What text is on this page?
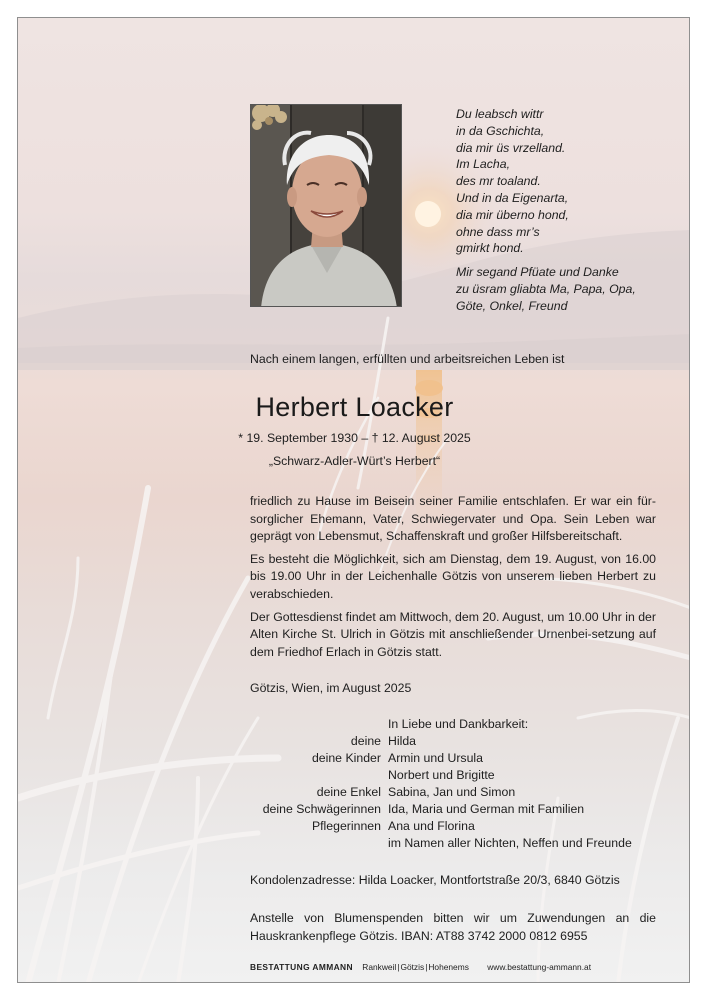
Du leabsch wittr
in da Gschichta,
dia mir üs vrzelland.
Im Lacha,
des mr toaland.
Und in da Eigenarta,
dia mir überno hond,
ohne dass mr’s
gmirkt hond.
Mir segand Pfüate und Danke
zu üsram gliabta Ma, Papa, Opa,
Göte, Onkel, Freund
Nach einem langen, erfüllten und arbeitsreichen Leben ist
Herbert Loacker
* 19. September 1930 – † 12. August 2025
„Schwarz-Adler-Würt’s Herbert“

friedlich zu Hause im Beisein seiner Familie entschlafen. Er war ein für-sorglicher Ehemann, Vater, Schwiegervater und Opa. Sein Leben war geprägt von Lebensmut, Schaffenskraft und großer Hilfsbereitschaft.

Es besteht die Möglichkeit, sich am Dienstag, dem 19. August, von 16.00 bis 19.00 Uhr in der Leichenhalle Götzis von unserem lieben Herbert zu verabschieden.

Der Gottesdienst findet am Mittwoch, dem 20. August, um 10.00 Uhr in der Alten Kirche St. Ulrich in Götzis mit anschließender Urnenbei-setzung auf dem Friedhof Erlach in Götzis statt.

Götzis, Wien, im August 2025
In Liebe und Dankbarkeit:
deine Hilda
deine Kinder Armin und Ursula
Norbert und Brigitte
deine Enkel Sabina, Jan und Simon
deine Schwägerinnen Ida, Maria und German mit Familien
Pflegerinnen Ana und Florina
im Namen aller Nichten, Neffen und Freunde
Kondolenzadresse: Hilda Loacker, Montfortstraße 20/3, 6840 Götzis
Anstelle von Blumenspenden bitten wir um Zuwendungen an die Hauskrankenpflege Götzis. IBAN: AT88 3742 2000 0812 6955
BESTATTUNG AMMANN Rankweil|Götzis|Hohenems www.bestattung-ammann.at
